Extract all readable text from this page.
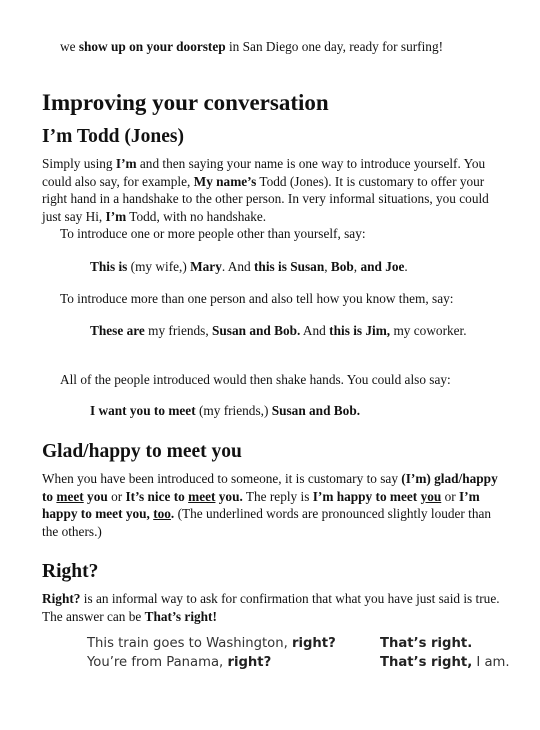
we show up on your doorstep in San Diego one day, ready for surfing!

Improving your conversation
I’m Todd (Jones)

Simply using I’m and then saying your name is one way to introduce yourself. You could also say, for example, My name’s Todd (Jones). It is customary to offer your right hand in a handshake to the other person. In very informal situations, you could just say Hi, I’m Todd, with no handshake.

To introduce one or more people other than yourself, say:

This is (my wife,) Mary. And this is Susan, Bob, and Joe.

To introduce more than one person and also tell how you know them, say:

These are my friends, Susan and Bob. And this is Jim, my coworker.

All of the people introduced would then shake hands. You could also say:

I want you to meet (my friends,) Susan and Bob.

Glad/happy to meet you

When you have been introduced to someone, it is customary to say (I’m) glad/happy to meet you or It’s nice to meet you. The reply is I’m happy to meet you or I’m happy to meet you, too. (The underlined words are pronounced slightly louder than the others.)

Right?

Right? is an informal way to ask for confirmation that what you have just said is true. The answer can be That’s right!

This train goes to Washington, right?	That’s right.

You’re from Panama, right?	That’s right, I am.
